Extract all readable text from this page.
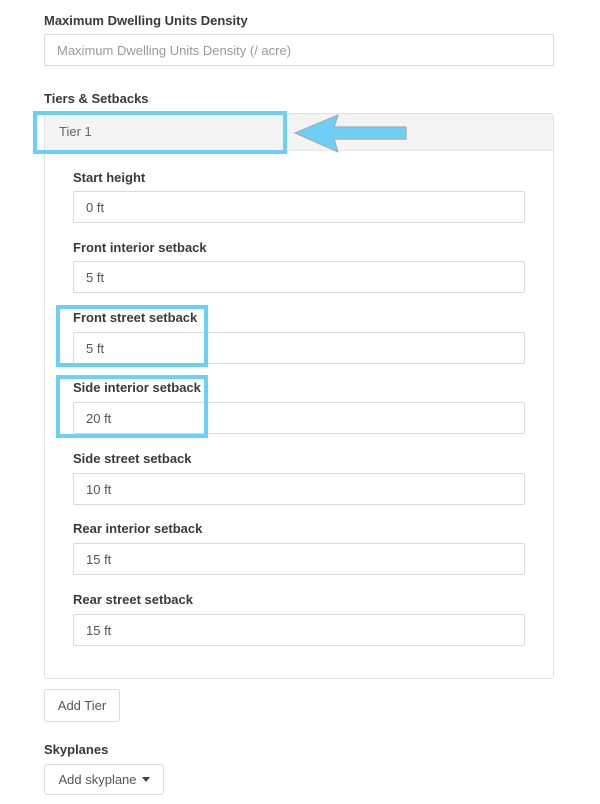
Maximum Dwelling Units Density
Maximum Dwelling Units Density (/ acre)
Tiers & Setbacks
Tier 1
Start height
0 ft
Front interior setback
5 ft
Front street setback
5 ft
Side interior setback
20 ft
Side street setback
10 ft
Rear interior setback
15 ft
Rear street setback
15 ft
Add Tier
Skyplanes
Add skyplane
